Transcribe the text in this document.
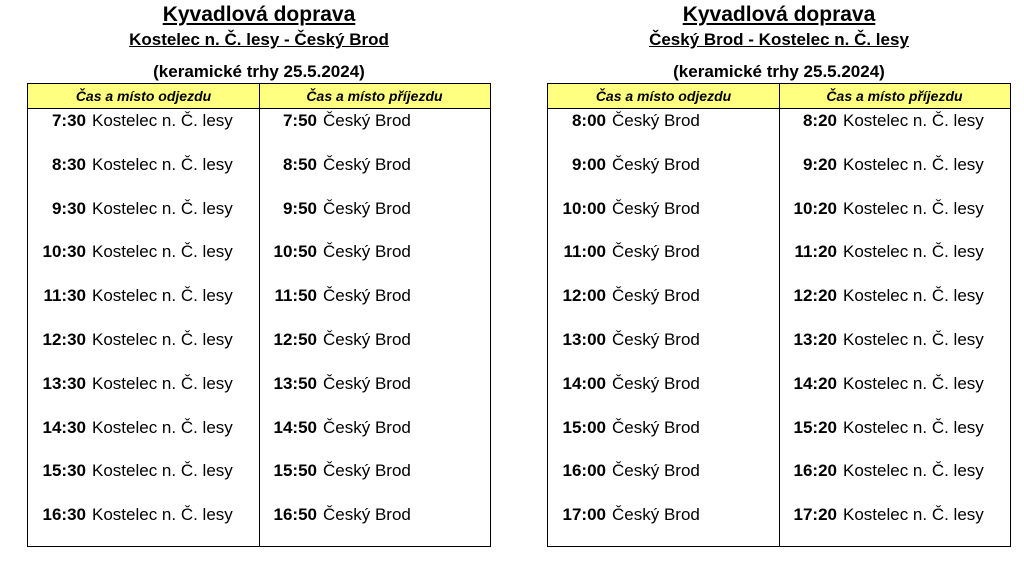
Kyvadlová doprava
Kostelec n. Č. lesy - Český Brod
(keramické trhy 25.5.2024)
Čas a místo odjezdu	Čas a místo příjezdu
7:30 Kostelec n. Č. lesy	7:50 Český Brod
8:30 Kostelec n. Č. lesy	8:50 Český Brod
9:30 Kostelec n. Č. lesy	9:50 Český Brod
10:30 Kostelec n. Č. lesy	10:50 Český Brod
11:30 Kostelec n. Č. lesy	11:50 Český Brod
12:30 Kostelec n. Č. lesy	12:50 Český Brod
13:30 Kostelec n. Č. lesy	13:50 Český Brod
14:30 Kostelec n. Č. lesy	14:50 Český Brod
15:30 Kostelec n. Č. lesy	15:50 Český Brod
16:30 Kostelec n. Č. lesy	16:50 Český Brod
Kyvadlová doprava
Český Brod - Kostelec n. Č. lesy
(keramické trhy 25.5.2024)
Čas a místo odjezdu	Čas a místo příjezdu
8:00 Český Brod	8:20 Kostelec n. Č. lesy
9:00 Český Brod	9:20 Kostelec n. Č. lesy
10:00 Český Brod	10:20 Kostelec n. Č. lesy
11:00 Český Brod	11:20 Kostelec n. Č. lesy
12:00 Český Brod	12:20 Kostelec n. Č. lesy
13:00 Český Brod	13:20 Kostelec n. Č. lesy
14:00 Český Brod	14:20 Kostelec n. Č. lesy
15:00 Český Brod	15:20 Kostelec n. Č. lesy
16:00 Český Brod	16:20 Kostelec n. Č. lesy
17:00 Český Brod	17:20 Kostelec n. Č. lesy
